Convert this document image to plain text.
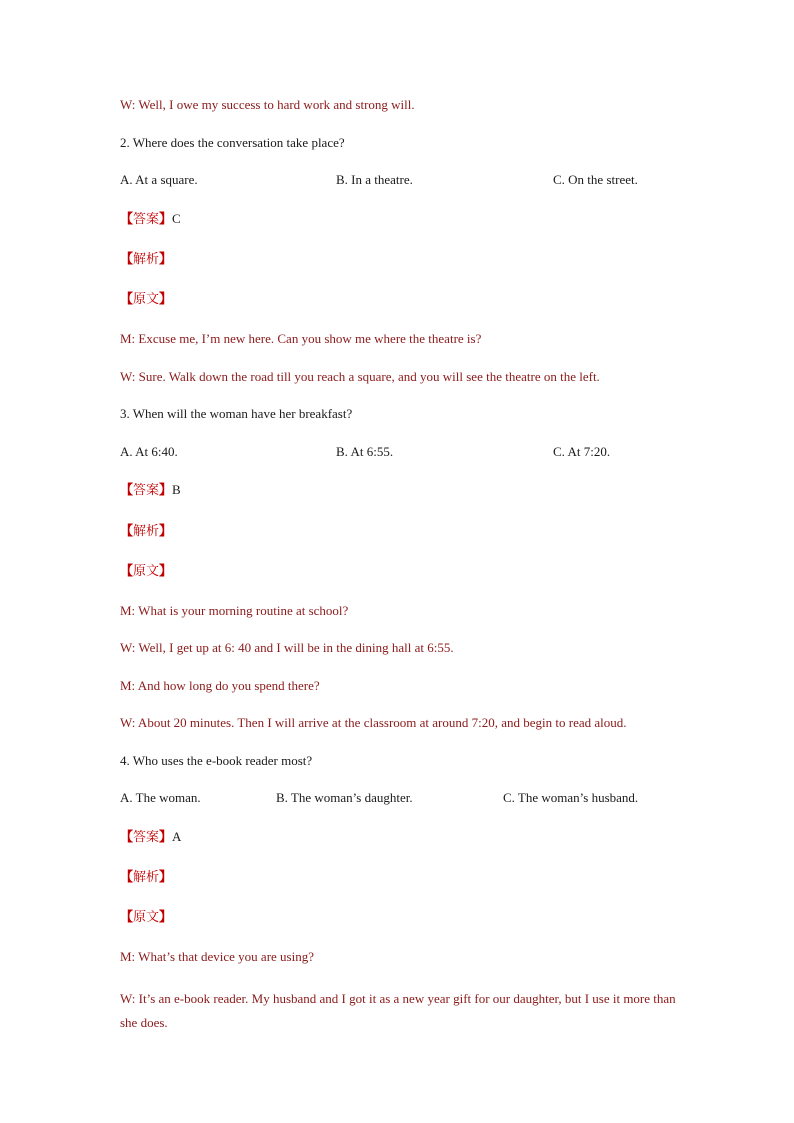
W: Well, I owe my success to hard work and strong will.
2. Where does the conversation take place?
A. At a square.	B. In a theatre.	C. On the street.
【答案】C
【解析】
【原文】
M: Excuse me, I’m new here. Can you show me where the theatre is?
W: Sure. Walk down the road till you reach a square, and you will see the theatre on the left.
3. When will the woman have her breakfast?
A. At 6:40.	B. At 6:55.	C. At 7:20.
【答案】B
【解析】
【原文】
M: What is your morning routine at school?
W: Well, I get up at 6: 40 and I will be in the dining hall at 6:55.
M: And how long do you spend there?
W: About 20 minutes. Then I will arrive at the classroom at around 7:20, and begin to read aloud.
4. Who uses the e-book reader most?
A. The woman.	B. The woman’s daughter.	C. The woman’s husband.
【答案】A
【解析】
【原文】
M: What’s that device you are using?
W: It’s an e-book reader. My husband and I got it as a new year gift for our daughter, but I use it more than she does.
